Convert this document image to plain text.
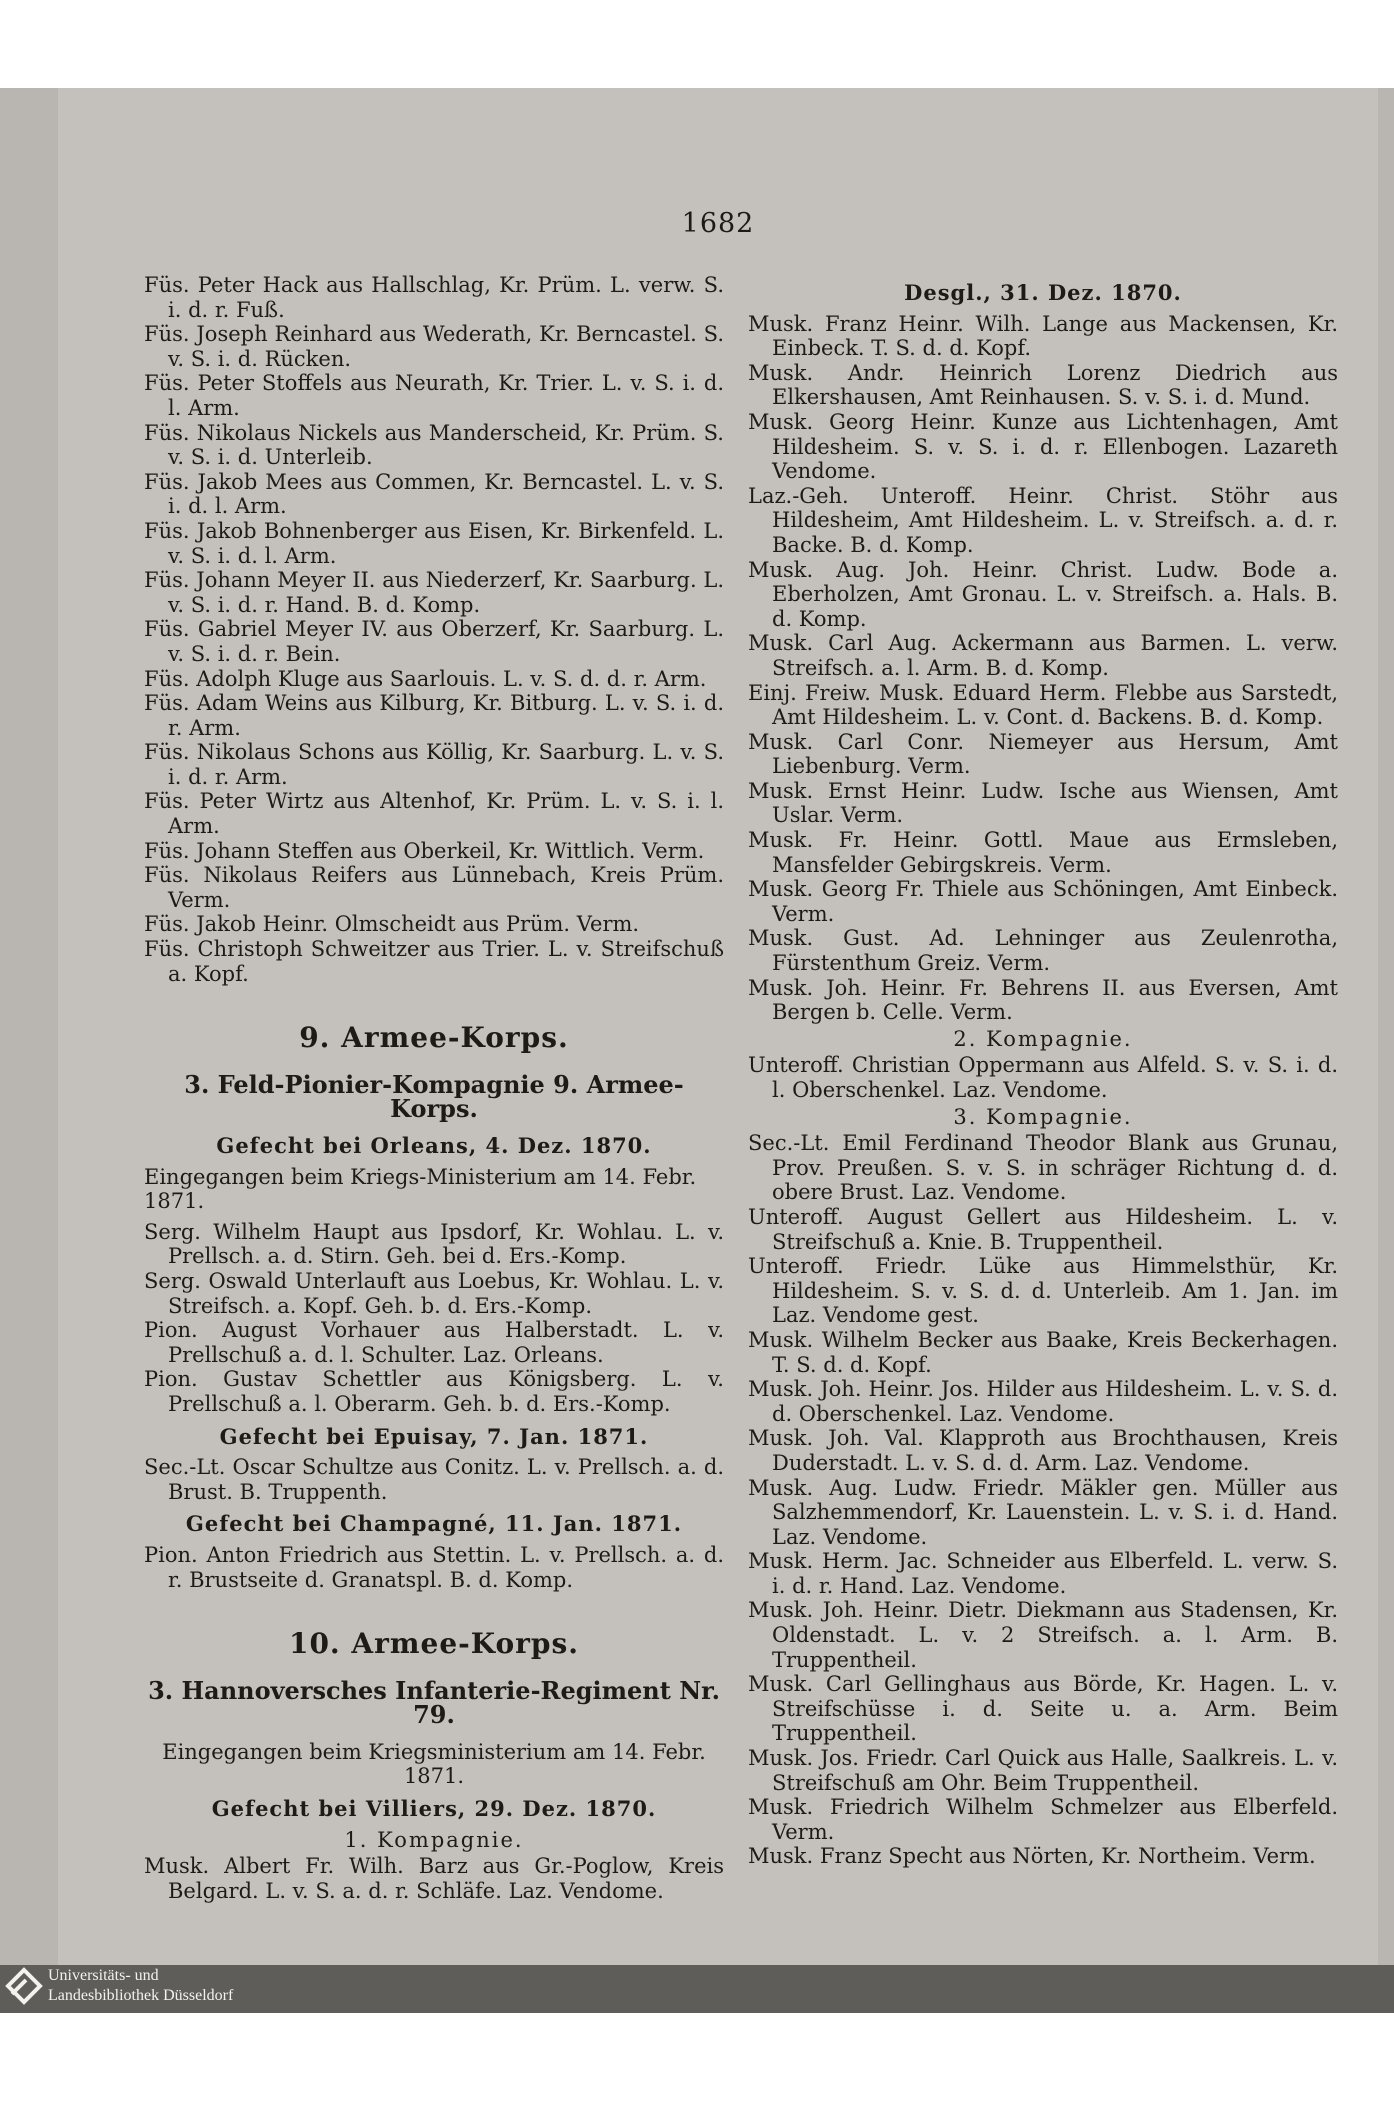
1682

Füs. Peter Hack aus Hallschlag, Kr. Prüm. L. verw. S. i. d. r. Fuß.

Füs. Joseph Reinhard aus Wederath, Kr. Berncastel. S. v. S. i. d. Rücken.

Füs. Peter Stoffels aus Neurath, Kr. Trier. L. v. S. i. d. l. Arm.

Füs. Nikolaus Nickels aus Manderscheid, Kr. Prüm. S. v. S. i. d. Unterleib.

Füs. Jakob Mees aus Commen, Kr. Berncastel. L. v. S. i. d. l. Arm.

Füs. Jakob Bohnenberger aus Eisen, Kr. Birkenfeld. L. v. S. i. d. l. Arm.

Füs. Johann Meyer II. aus Niederzerf, Kr. Saarburg. L. v. S. i. d. r. Hand. B. d. Komp.

Füs. Gabriel Meyer IV. aus Oberzerf, Kr. Saarburg. L. v. S. i. d. r. Bein.

Füs. Adolph Kluge aus Saarlouis. L. v. S. d. d. r. Arm.

Füs. Adam Weins aus Kilburg, Kr. Bitburg. L. v. S. i. d. r. Arm.

Füs. Nikolaus Schons aus Köllig, Kr. Saarburg. L. v. S. i. d. r. Arm.

Füs. Peter Wirtz aus Altenhof, Kr. Prüm. L. v. S. i. l. Arm.

Füs. Johann Steffen aus Oberkeil, Kr. Wittlich. Verm.

Füs. Nikolaus Reifers aus Lünnebach, Kreis Prüm. Verm.

Füs. Jakob Heinr. Olmscheidt aus Prüm. Verm.

Füs. Christoph Schweitzer aus Trier. L. v. Streifschuß a. Kopf.

9. Armee-Korps.

3. Feld-Pionier-Kompagnie 9. Armee-Korps.

Gefecht bei Orleans, 4. Dez. 1870.

Eingegangen beim Kriegs-Ministerium am 14. Febr. 1871.

Serg. Wilhelm Haupt aus Ipsdorf, Kr. Wohlau. L. v. Prellsch. a. d. Stirn. Geh. bei d. Ers.-Komp.

Serg. Oswald Unterlauft aus Loebus, Kr. Wohlau. L. v. Streifsch. a. Kopf. Geh. b. d. Ers.-Komp.

Pion. August Vorhauer aus Halberstadt. L. v. Prellschuß a. d. l. Schulter. Laz. Orleans.

Pion. Gustav Schettler aus Königsberg. L. v. Prellschuß a. l. Oberarm. Geh. b. d. Ers.-Komp.

Gefecht bei Epuisay, 7. Jan. 1871.

Sec.-Lt. Oscar Schultze aus Conitz. L. v. Prellsch. a. d. Brust. B. Truppenth.

Gefecht bei Champagné, 11. Jan. 1871.

Pion. Anton Friedrich aus Stettin. L. v. Prellsch. a. d. r. Brustseite d. Granatspl. B. d. Komp.

10. Armee-Korps.

3. Hannoversches Infanterie-Regiment Nr. 79.

Eingegangen beim Kriegsministerium am 14. Febr. 1871.

Gefecht bei Villiers, 29. Dez. 1870.

1. Kompagnie.

Musk. Albert Fr. Wilh. Barz aus Gr.-Poglow, Kreis Belgard. L. v. S. a. d. r. Schläfe. Laz. Vendome.

Desgl., 31. Dez. 1870.

Musk. Franz Heinr. Wilh. Lange aus Mackensen, Kr. Einbeck. T. S. d. d. Kopf.

Musk. Andr. Heinrich Lorenz Diedrich aus Elkershausen, Amt Reinhausen. S. v. S. i. d. Mund.

Musk. Georg Heinr. Kunze aus Lichtenhagen, Amt Hildesheim. S. v. S. i. d. r. Ellenbogen. Lazareth Vendome.

Laz.-Geh. Unteroff. Heinr. Christ. Stöhr aus Hildesheim, Amt Hildesheim. L. v. Streifsch. a. d. r. Backe. B. d. Komp.

Musk. Aug. Joh. Heinr. Christ. Ludw. Bode a. Eberholzen, Amt Gronau. L. v. Streifsch. a. Hals. B. d. Komp.

Musk. Carl Aug. Ackermann aus Barmen. L. verw. Streifsch. a. l. Arm. B. d. Komp.

Einj. Freiw. Musk. Eduard Herm. Flebbe aus Sarstedt, Amt Hildesheim. L. v. Cont. d. Backens. B. d. Komp.

Musk. Carl Conr. Niemeyer aus Hersum, Amt Liebenburg. Verm.

Musk. Ernst Heinr. Ludw. Ische aus Wiensen, Amt Uslar. Verm.

Musk. Fr. Heinr. Gottl. Maue aus Ermsleben, Mansfelder Gebirgskreis. Verm.

Musk. Georg Fr. Thiele aus Schöningen, Amt Einbeck. Verm.

Musk. Gust. Ad. Lehninger aus Zeulenrotha, Fürstenthum Greiz. Verm.

Musk. Joh. Heinr. Fr. Behrens II. aus Eversen, Amt Bergen b. Celle. Verm.

2. Kompagnie.

Unteroff. Christian Oppermann aus Alfeld. S. v. S. i. d. l. Oberschenkel. Laz. Vendome.

3. Kompagnie.

Sec.-Lt. Emil Ferdinand Theodor Blank aus Grunau, Prov. Preußen. S. v. S. in schräger Richtung d. d. obere Brust. Laz. Vendome.

Unteroff. August Gellert aus Hildesheim. L. v. Streifschuß a. Knie. B. Truppentheil.

Unteroff. Friedr. Lüke aus Himmelsthür, Kr. Hildesheim. S. v. S. d. d. Unterleib. Am 1. Jan. im Laz. Vendome gest.

Musk. Wilhelm Becker aus Baake, Kreis Beckerhagen. T. S. d. d. Kopf.

Musk. Joh. Heinr. Jos. Hilder aus Hildesheim. L. v. S. d. d. Oberschenkel. Laz. Vendome.

Musk. Joh. Val. Klapproth aus Brochthausen, Kreis Duderstadt. L. v. S. d. d. Arm. Laz. Vendome.

Musk. Aug. Ludw. Friedr. Mäkler gen. Müller aus Salzhemmendorf, Kr. Lauenstein. L. v. S. i. d. Hand. Laz. Vendome.

Musk. Herm. Jac. Schneider aus Elberfeld. L. verw. S. i. d. r. Hand. Laz. Vendome.

Musk. Joh. Heinr. Dietr. Diekmann aus Stadensen, Kr. Oldenstadt. L. v. 2 Streifsch. a. l. Arm. B. Truppentheil.

Musk. Carl Gellinghaus aus Börde, Kr. Hagen. L. v. Streifschüsse i. d. Seite u. a. Arm. Beim Truppentheil.

Musk. Jos. Friedr. Carl Quick aus Halle, Saalkreis. L. v. Streifschuß am Ohr. Beim Truppentheil.

Musk. Friedrich Wilhelm Schmelzer aus Elberfeld. Verm.

Musk. Franz Specht aus Nörten, Kr. Northeim. Verm.

Universitäts- und
Landesbibliothek Düsseldorf
